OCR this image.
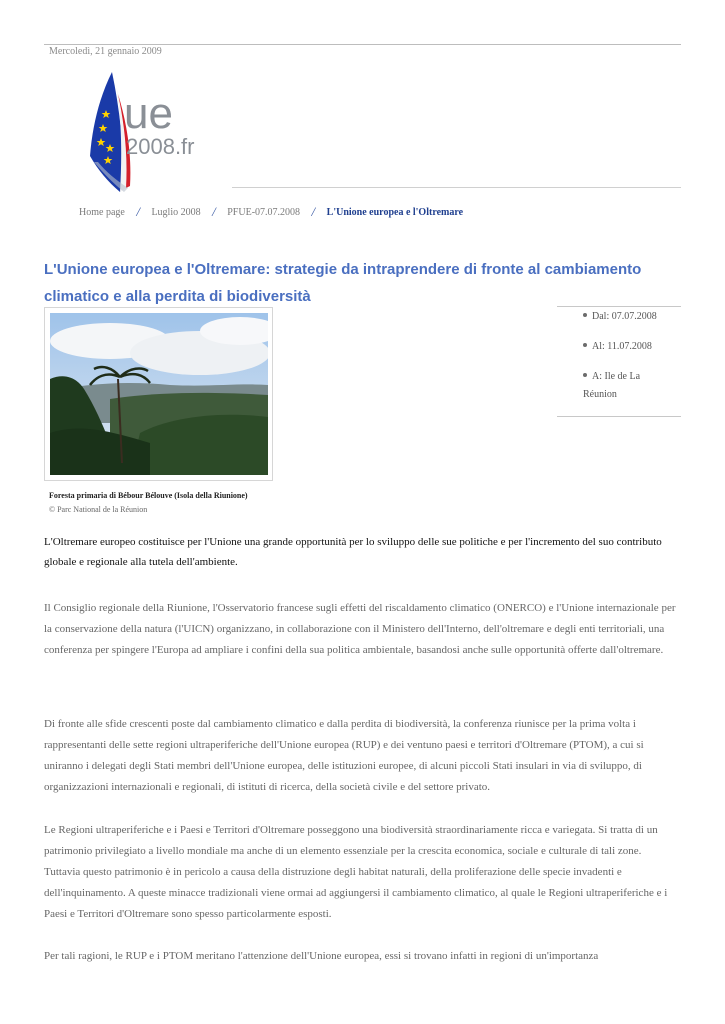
Mercoledì, 21 gennaio 2009
ue
2008.fr
Home page / Luglio 2008 / PFUE-07.07.2008 / L'Unione europea e l'Oltremare
L'Unione europea e l'Oltremare: strategie da intraprendere di fronte al cambiamento climatico e alla perdita di biodiversità
Dal: 07.07.2008
Al: 11.07.2008
A: Ile de La Réunion
Foresta primaria di Bébour Bélouve (Isola della Riunione)
© Parc National de la Réunion

L'Oltremare europeo costituisce per l'Unione una grande opportunità per lo sviluppo delle sue politiche e per l'incremento del suo contributo globale e regionale alla tutela dell'ambiente.

Il Consiglio regionale della Riunione, l'Osservatorio francese sugli effetti del riscaldamento climatico (ONERCO) e l'Unione internazionale per la conservazione della natura (l'UICN) organizzano, in collaborazione con il Ministero dell'Interno, dell'oltremare e degli enti territoriali, una conferenza per spingere l'Europa ad ampliare i confini della sua politica ambientale, basandosi anche sulle opportunità offerte dall'oltremare.

Di fronte alle sfide crescenti poste dal cambiamento climatico e dalla perdita di biodiversità, la conferenza riunisce per la prima volta i rappresentanti delle sette regioni ultraperiferiche dell'Unione europea (RUP) e dei ventuno paesi e territori d'Oltremare (PTOM), a cui si uniranno i delegati degli Stati membri dell'Unione europea, delle istituzioni europee, di alcuni piccoli Stati insulari in via di sviluppo, di organizzazioni internazionali e regionali, di istituti di ricerca, della società civile e del settore privato.

Le Regioni ultraperiferiche e i Paesi e Territori d'Oltremare posseggono una biodiversità straordinariamente ricca e variegata. Si tratta di un patrimonio privilegiato a livello mondiale ma anche di un elemento essenziale per la crescita economica, sociale e culturale di tali zone. Tuttavia questo patrimonio è in pericolo a causa della distruzione degli habitat naturali, della proliferazione delle specie invadenti e dell'inquinamento. A queste minacce tradizionali viene ormai ad aggiungersi il cambiamento climatico, al quale le Regioni ultraperiferiche e i Paesi e Territori d'Oltremare sono spesso particolarmente esposti.

Per tali ragioni, le RUP e i PTOM meritano l'attenzione dell'Unione europea, essi si trovano infatti in regioni di un'importanza
